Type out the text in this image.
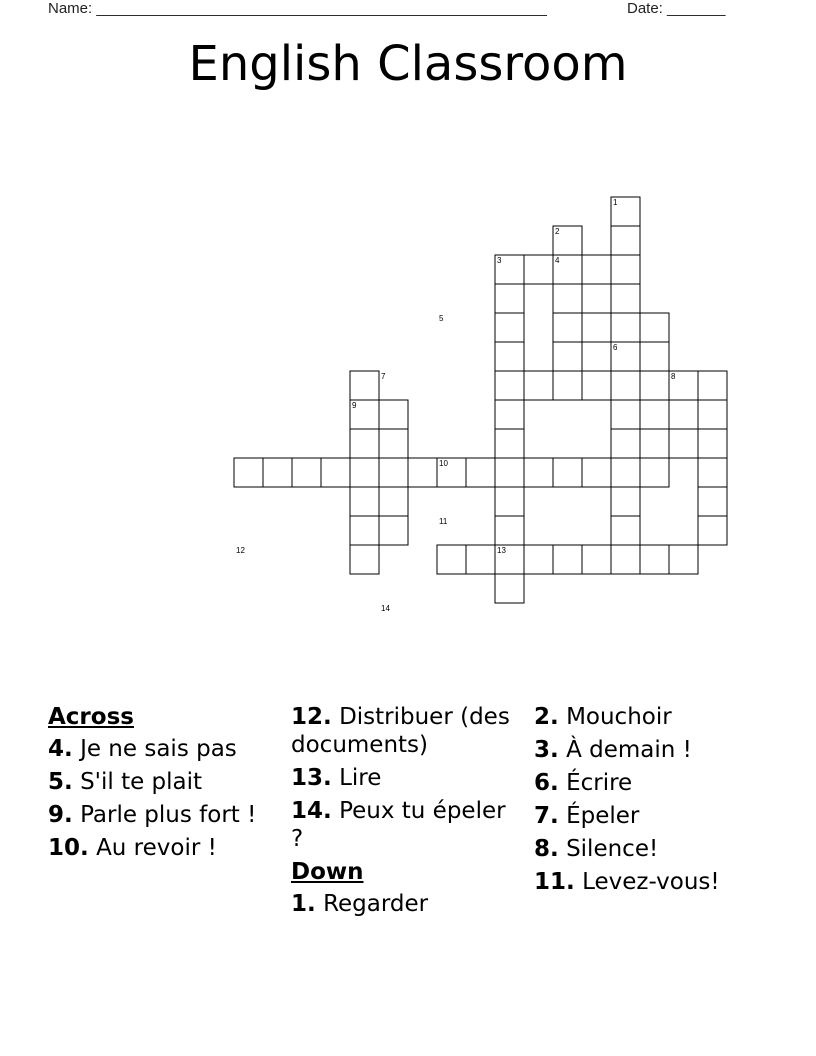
Name: ______________________________________________________	Date: _______
English Classroom
1
2
3	4
5
6
7	8
9
10
11
12	13
14
Across
4. Je ne sais pas
5. S'il te plait
9. Parle plus fort !
10. Au revoir !
12. Distribuer (des documents)
13. Lire
14. Peux tu épeler ?
Down
1. Regarder
2. Mouchoir
3. À demain !
6. Écrire
7. Épeler
8. Silence!
11. Levez-vous!
